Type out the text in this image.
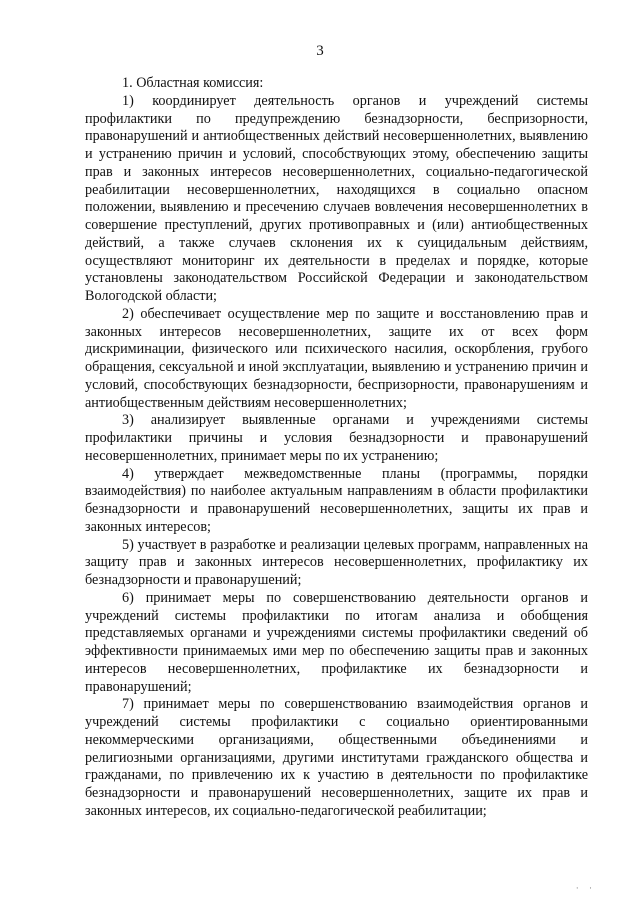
3

1. Областная комиссия:

1) координирует деятельность органов и учреждений системы профилактики по предупреждению безнадзорности, беспризорности, правонарушений и антиобщественных действий несовершеннолетних, выявлению и устранению причин и условий, способствующих этому, обеспечению защиты прав и законных интересов несовершеннолетних, социально-педагогической реабилитации несовершеннолетних, находящихся в социально опасном положении, выявлению и пресечению случаев вовлечения несовершеннолетних в совершение преступлений, других противоправных и (или) антиобщественных действий, а также случаев склонения их к суицидальным действиям, осуществляют мониторинг их деятельности в пределах и порядке, которые установлены законодательством Российской Федерации и законодательством Вологодской области;

2) обеспечивает осуществление мер по защите и восстановлению прав и законных интересов несовершеннолетних, защите их от всех форм дискриминации, физического или психического насилия, оскорбления, грубого обращения, сексуальной и иной эксплуатации, выявлению и устранению причин и условий, способствующих безнадзорности, беспризорности, правонарушениям и антиобщественным действиям несовершеннолетних;

3) анализирует выявленные органами и учреждениями системы профилактики причины и условия безнадзорности и правонарушений несовершеннолетних, принимает меры по их устранению;

4) утверждает межведомственные планы (программы, порядки взаимодействия) по наиболее актуальным направлениям в области профилактики безнадзорности и правонарушений несовершеннолетних, защиты их прав и законных интересов;

5) участвует в разработке и реализации целевых программ, направленных на защиту прав и законных интересов несовершеннолетних, профилактику их безнадзорности и правонарушений;

6) принимает меры по совершенствованию деятельности органов и учреждений системы профилактики по итогам анализа и обобщения представляемых органами и учреждениями системы профилактики сведений об эффективности принимаемых ими мер по обеспечению защиты прав и законных интересов несовершеннолетних, профилактике их безнадзорности и правонарушений;

7) принимает меры по совершенствованию взаимодействия органов и учреждений системы профилактики с социально ориентированными некоммерческими организациями, общественными объединениями и религиозными организациями, другими институтами гражданского общества и гражданами, по привлечению их к участию в деятельности по профилактике безнадзорности и правонарушений несовершеннолетних, защите их прав и законных интересов, их социально-педагогической реабилитации;

· ·
